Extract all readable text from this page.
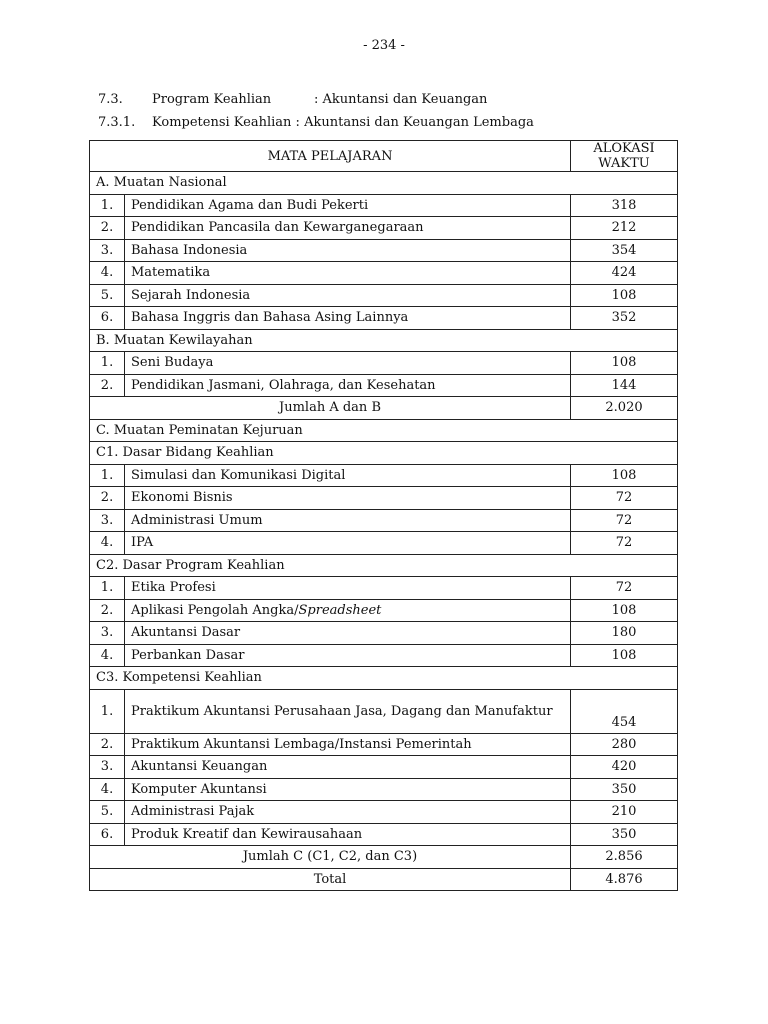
- 234 -
7.3. Program Keahlian	: Akuntansi dan Keuangan
7.3.1. Kompetensi Keahlian : Akuntansi dan Keuangan Lembaga
MATA PELAJARAN		ALOKASI WAKTU
A. Muatan Nasional		
1.	Pendidikan Agama dan Budi Pekerti	318
2.	Pendidikan Pancasila dan Kewarganegaraan	212
3.	Bahasa Indonesia	354
4.	Matematika	424
5.	Sejarah Indonesia	108
6.	Bahasa Inggris dan Bahasa Asing Lainnya	352
B. Muatan Kewilayahan		
1.	Seni Budaya	108
2.	Pendidikan Jasmani, Olahraga, dan Kesehatan	144
Jumlah A dan B		2.020
C. Muatan Peminatan Kejuruan		
C1. Dasar Bidang Keahlian		
1.	Simulasi dan Komunikasi Digital	108
2.	Ekonomi Bisnis	72
3.	Administrasi Umum	72
4.	IPA	72
C2. Dasar Program Keahlian		
1.	Etika Profesi	72
2.	Aplikasi Pengolah Angka/Spreadsheet	108
3.	Akuntansi Dasar	180
4.	Perbankan Dasar	108
C3. Kompetensi Keahlian		
1.	Praktikum Akuntansi Perusahaan Jasa, Dagang dan Manufaktur	454
2.	Praktikum Akuntansi Lembaga/Instansi Pemerintah	280
3.	Akuntansi Keuangan	420
4.	Komputer Akuntansi	350
5.	Administrasi Pajak	210
6.	Produk Kreatif dan Kewirausahaan	350
Jumlah C (C1, C2, dan C3)		2.856
Total		4.876
